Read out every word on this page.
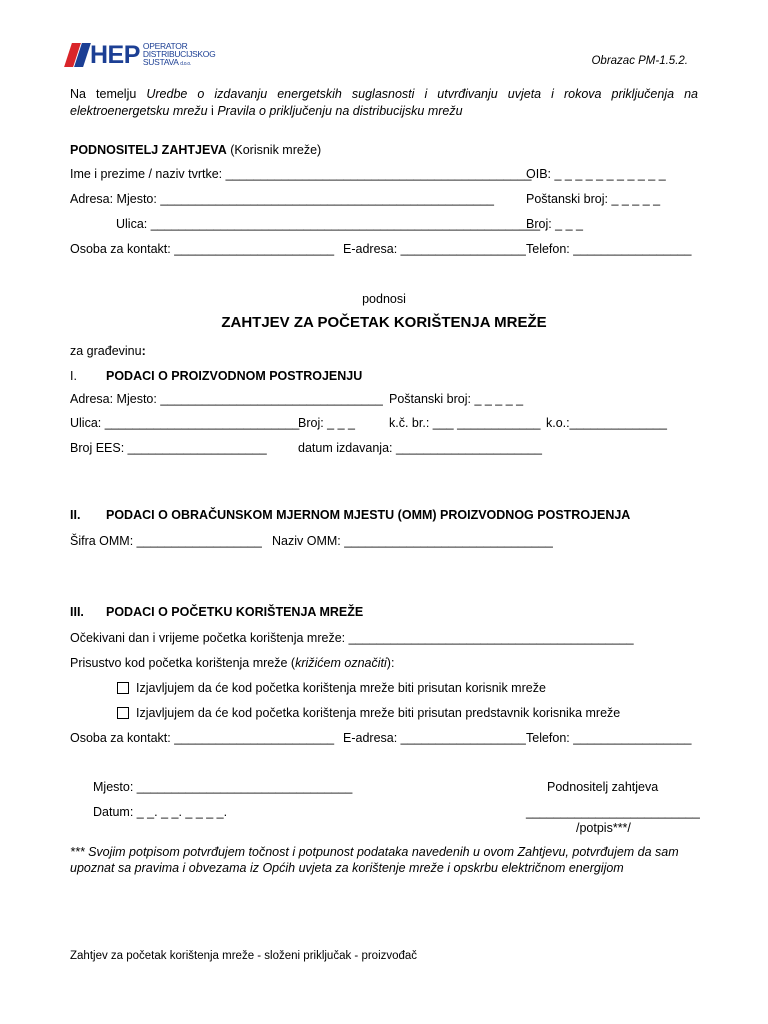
HEP OPERATOR
DISTRIBUCIJSKOG
SUSTAVA d.o.o.	Obrazac PM-1.5.2.
Na temelju Uredbe o izdavanju energetskih suglasnosti i utvrđivanju uvjeta i rokova priključenja na elektroenergetsku mrežu i Pravila o priključenju na distribucijsku mrežu
PODNOSITELJ ZAHTJEVA (Korisnik mreže)
Ime i prezime / naziv tvrtke: ____________________________________________
OIB: _ _ _ _ _ _ _ _ _ _ _
Adresa: Mjesto: ________________________________________________	Poštanski broj: _ _ _ _ _
Ulica: ________________________________________________________
Broj: _ _ _
Osoba za kontakt: _______________________ E-adresa: __________________ Telefon: _________________
podnosi
ZAHTJEV ZA POČETAK KORIŠTENJA MREŽE
za građevinu:
I. PODACI O PROIZVODNOM POSTROJENJU
Adresa: Mjesto: ________________________________ Poštanski broj: _ _ _ _ _
Ulica: ____________________________
Broj: _ _ _	k.č. br.: ___ ____________ k.o.:______________
Broj EES: ____________________	datum izdavanja: _____________________
II. PODACI O OBRAČUNSKOM MJERNOM MJESTU (OMM) PROIZVODNOG POSTROJENJA
Šifra OMM: __________________ Naziv OMM: ______________________________
III. PODACI O POČETKU KORIŠTENJA MREŽE
Očekivani dan i vrijeme početka korištenja mreže: _________________________________________
Prisustvo kod početka korištenja mreže (križićem označiti):
Izjavljujem da će kod početka korištenja mreže biti prisutan korisnik mreže
Izjavljujem da će kod početka korištenja mreže biti prisutan predstavnik korisnika mreže
Osoba za kontakt: _______________________ E-adresa: __________________ Telefon: _________________
Mjesto: _______________________________	Podnositelj zahtjeva
Datum: _ _. _ _. _ _ _ _.	_________________________
/potpis***/
*** Svojim potpisom potvrđujem točnost i potpunost podataka navedenih u ovom Zahtjevu, potvrđujem da sam upoznat sa pravima i obvezama iz Općih uvjeta za korištenje mreže i opskrbu električnom energijom
Zahtjev za početak korištenja mreže - složeni priključak - proizvođač
